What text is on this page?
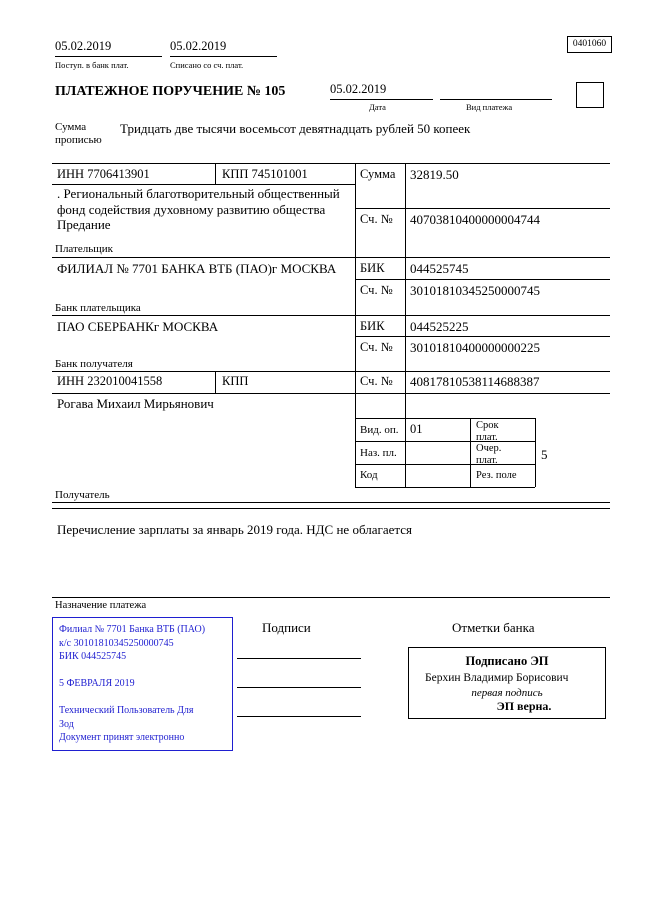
05.02.2019
Поступ. в банк плат.
05.02.2019
Списано со сч. плат.
0401060
ПЛАТЕЖНОЕ ПОРУЧЕНИЕ № 105	05.02.2019
Дата	Вид платежа
Сумма прописью
Тридцать две тысячи восемьсот девятнадцать рублей 50 копеек
ИНН 7706413901	КПП 745101001	Сумма 32819.50
. Региональный благотворительный общественный фонд содействия духовному развитию общества Предание	Сч. № 40703810400000004744
Плательщик
ФИЛИАЛ № 7701 БАНКА ВТБ (ПАО)г МОСКВА БИК 044525745
Сч. № 30101810345250000745
Банк плательщика
ПАО СБЕРБАНКг МОСКВА	БИК 044525225
Сч. № 30101810400000000225
Банк получателя
ИНН 232010041558	КПП	Сч. № 40817810538114688387
Рогава Михаил Мирьянович
Вид. оп. 01	Срок плат.
Наз. пл.	Очер. плат.	5
Код	Рез. поле
Получатель
Перечисление зарплаты за январь 2019 года. НДС не облагается
Назначение платежа
Филиал № 7701 Банка ВТБ (ПАО)
к/с 30101810345250000745
БИК 044525745
5 ФЕВРАЛЯ 2019
Технический Пользователь Для
Зод
Документ принят электронно
Подписи	Отметки банка
Подписано ЭП
Берхин Владимир Борисович
первая подпись
ЭП верна.
